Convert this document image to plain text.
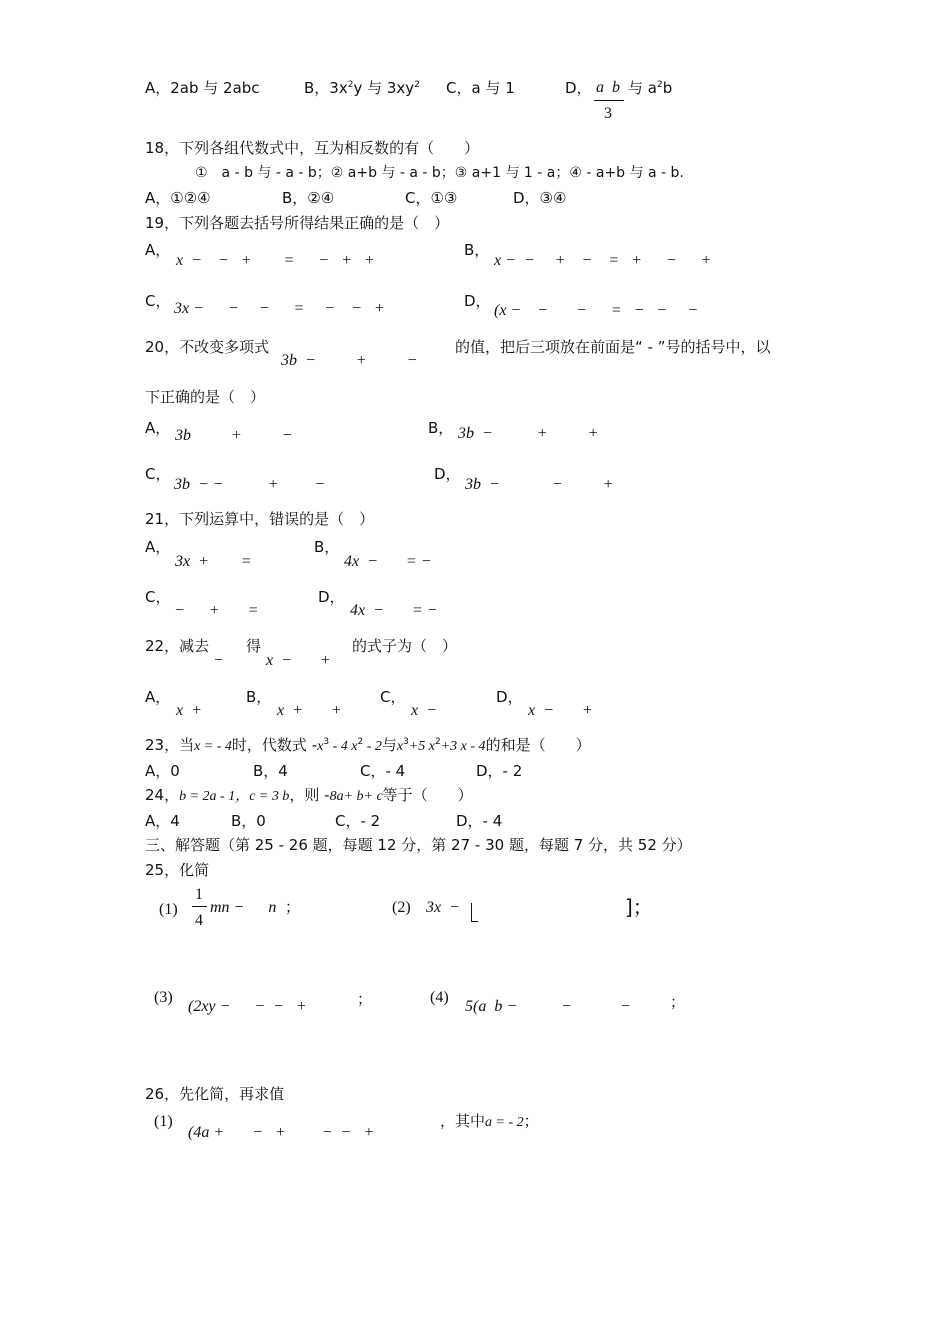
A，2ab 与 2abc	B，$3x^2y$ 与 $3xy^2$ C，a 与 1	D， a  b
3
与 $a^2b$
18，下列各组代数式中，互为相反数的有（　　）
①　a - b 与 - a - b；② a+b 与 - a - b；③ a+1 与 1 - a；④ - a+b 与 a - b.
A，①②④	B，②④	C，①③	D，③④
19，下列各题去括号所得结果正确的是（　）
A，
x  −    −   +        =      −   +   +
B，
x −  −     +    −    =   +      −      +
C， 3x −      −     −      =     −    −   +	D，
(x −    −       −      =   −   −     −
20，不改变多项式
3b  −          +          −
的值，把后三项放在前面是“ - ”号的括号中，以
下正确的是（　）
A， 3b          +          −	B， 3b  −           +          +
C，
3b  − −           +         −
D，
3b  −             −          +
21，下列运算中，错误的是（　）
A，
3x  +        =
B，
4x  −       = −
C，
−      +       =
D，
4x  −       = −
22，减去
−
得
x  −       +
的式子为（　）
A，
x  +
B，
x  +       +
C，
x  −
D，
x  −       +
23，当x = - 4时，代数式 $-x^3 - 4$ $x^2 - 2$与$x^3+5$ $x^2+3$ x - 4的和是（　　）
A，0	B，4	C，- 4	D，- 2
24，b = 2a - 1，c = 3 b，则 -8a+ b+ c等于（　　）
A，4	B，0	C，- 2	D，- 4
三、解答题（第 25 - 26 题，每题 12 分，第 27 - 30 题，每题 7 分，共 52 分）
25，化简
(1)
1
4
mn −      n ；	(2) 3x  −	]；
(3)
(2xy −      −  −   +	；	(4)
5(a  b −           −            −	；
26，先化简，再求值
(1)
(4a +       −   +         −  −   +
，其中a = - 2；
